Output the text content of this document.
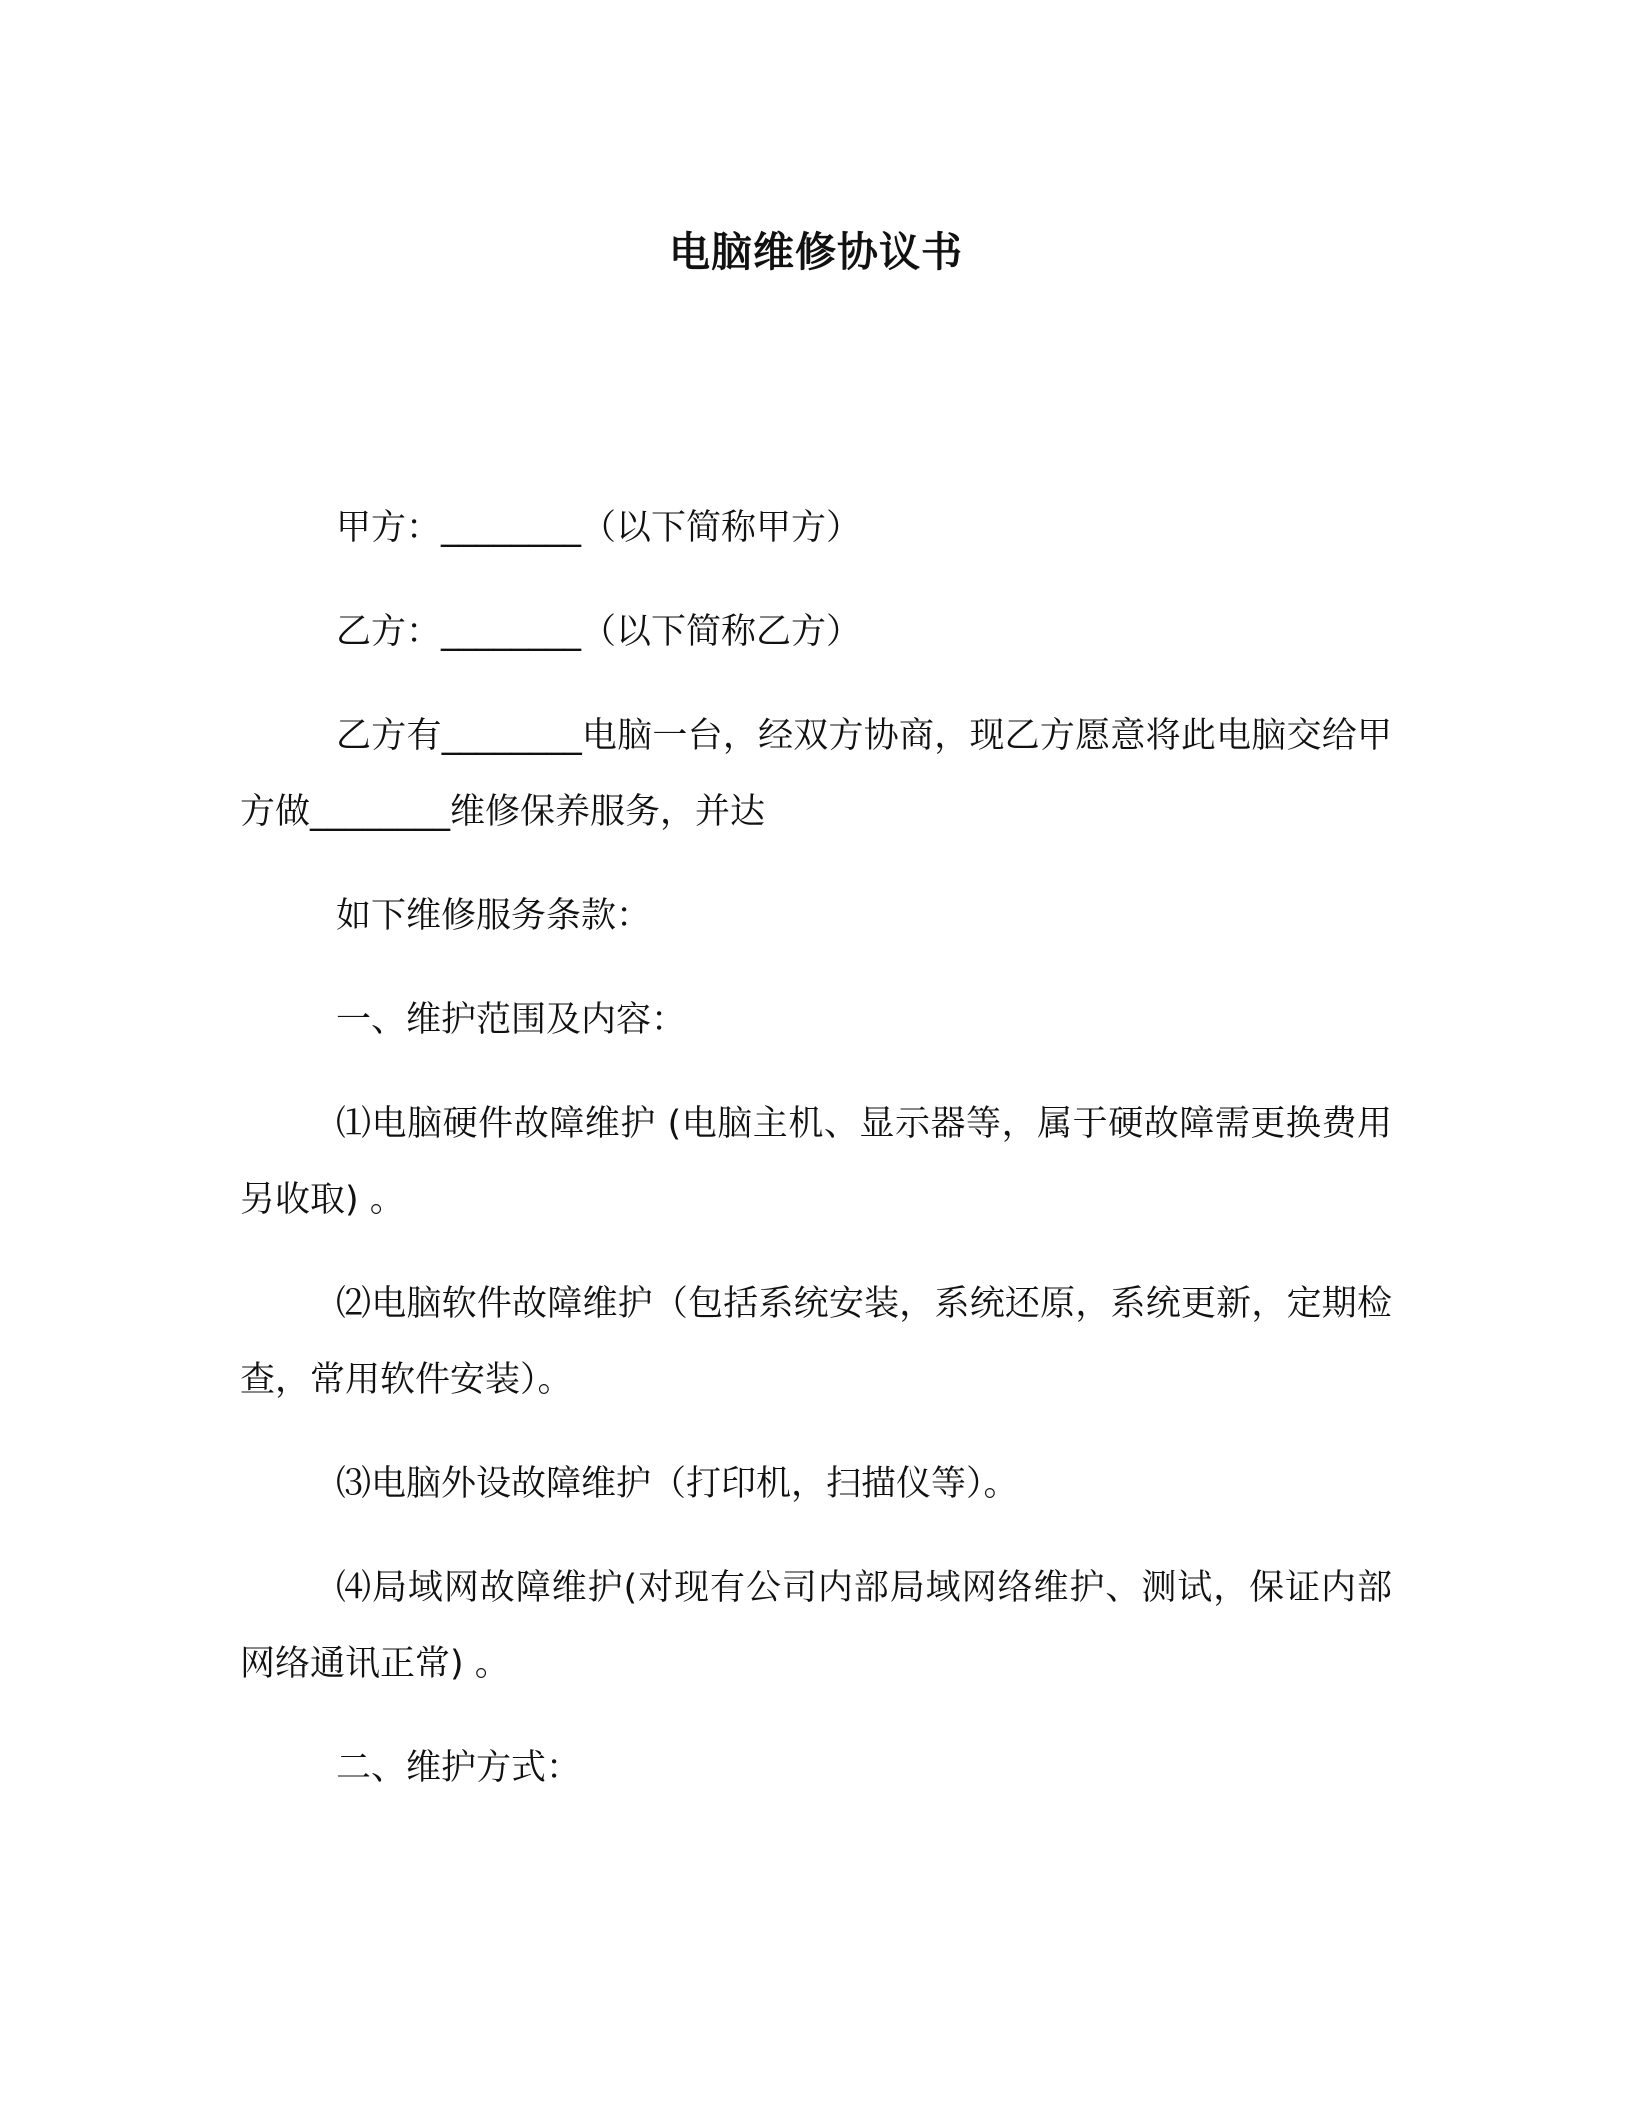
电脑维修协议书

甲方：________（以下简称甲方）

乙方：________（以下简称乙方）

乙方有________电脑一台，经双方协商，现乙方愿意将此电脑交给甲方做________维修保养服务，并达

如下维修服务条款：

一、维护范围及内容：

⑴电脑硬件故障维护 (电脑主机、显示器等，属于硬故障需更换费用另收取) 。

⑵电脑软件故障维护（包括系统安装，系统还原，系统更新，定期检查，常用软件安装）。

⑶电脑外设故障维护（打印机，扫描仪等）。

⑷局域网故障维护(对现有公司内部局域网络维护、测试，保证内部网络通讯正常) 。

二、维护方式：
